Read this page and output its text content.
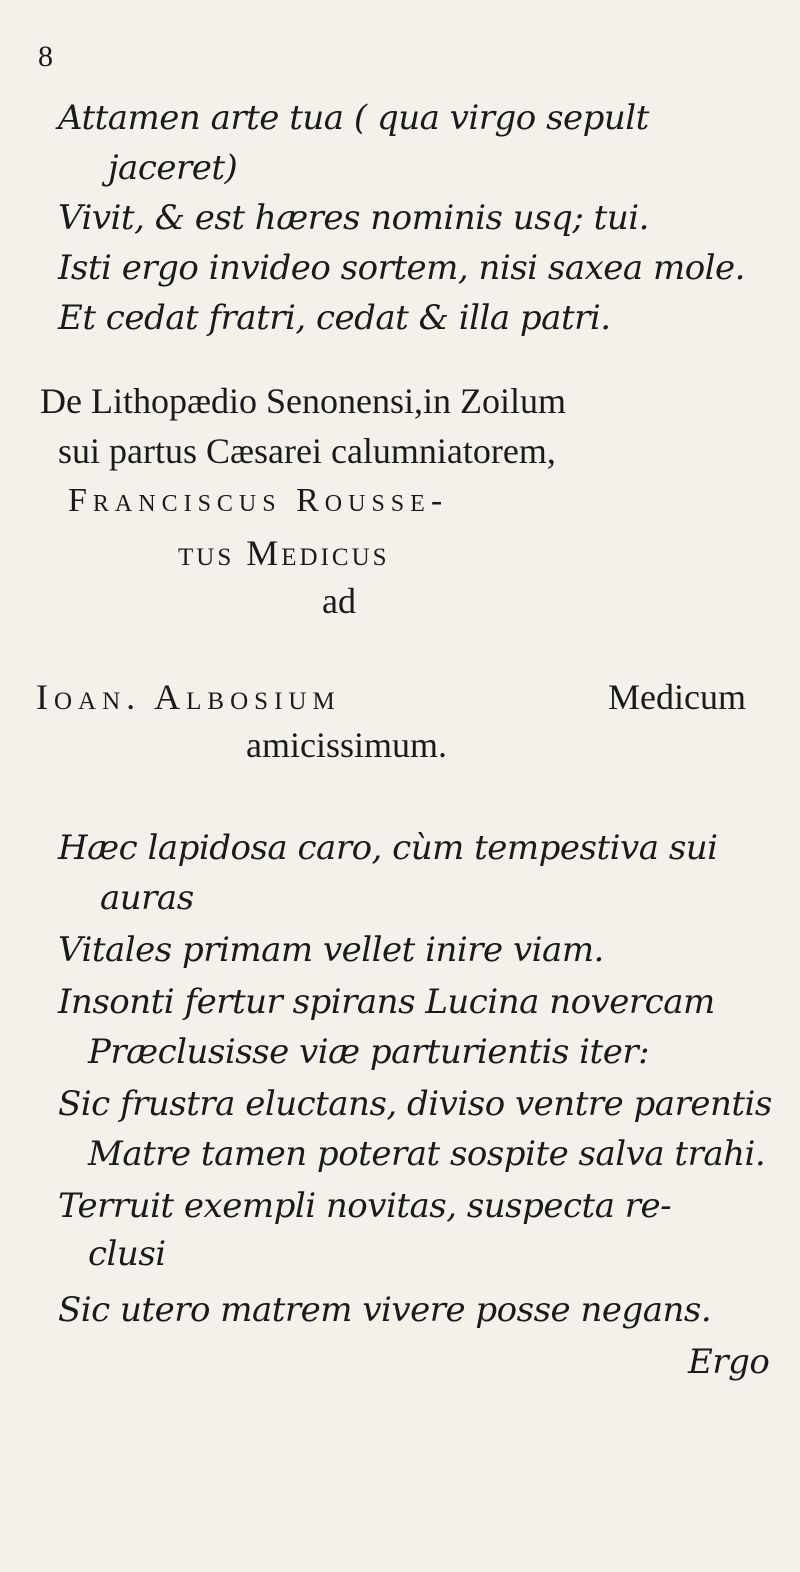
8
Attamen arte tua ( qua virgo sepult
jaceret)
Vivit, & est hæres nominis usq; tui.
Isti ergo invideo sortem, nisi saxea mole.
Et cedat fratri, cedat & illa patri.
De Lithopædio Senonensi,in Zoilum
sui partus Cæsarei calumniatorem,
Franciscus Rousse-
tus Medicus
ad
Ioan. Albosium	Medicum
amicissimum.
Hæc lapidosa caro, cùm tempestiva sui
auras
Vitales primam vellet inire viam.
Insonti fertur spirans Lucina novercam
Præclusisse viæ parturientis iter:
Sic frustra eluctans, diviso ventre parentis
Matre tamen poterat sospite salva trahi.
Terruit exempli novitas, suspecta re-
clusi
Sic utero matrem vivere posse negans.
Ergo
